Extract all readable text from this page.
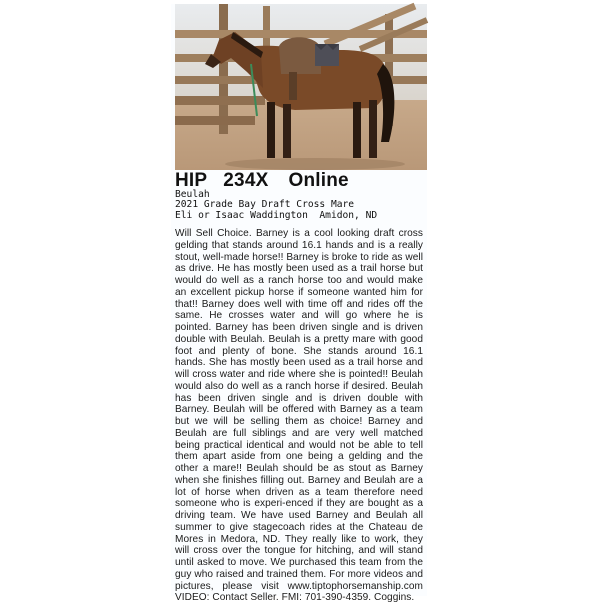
HIP 234X Online
Beulah
2021 Grade Bay Draft Cross Mare
Eli or Isaac Waddington  Amidon, ND
Will Sell Choice. Barney is a cool looking draft cross gelding that stands around 16.1 hands and is a really stout, well-made horse!! Barney is broke to ride as well as drive. He has mostly been used as a trail horse but would do well as a ranch horse too and would make an excellent pickup horse if someone wanted him for that!! Barney does well with time off and rides off the same. He crosses water and will go where he is pointed. Barney has been driven single and is driven double with Beulah. Beulah is a pretty mare with good foot and plenty of bone. She stands around 16.1 hands. She has mostly been used as a trail horse and will cross water and ride where she is pointed!! Beulah would also do well as a ranch horse if desired. Beulah has been driven single and is driven double with Barney. Beulah will be offered with Barney as a team but we will be selling them as choice! Barney and Beulah are full siblings and are very well matched being practical identical and would not be able to tell them apart aside from one being a gelding and the other a mare!! Beulah should be as stout as Barney when she finishes filling out. Barney and Beulah are a lot of horse when driven as a team therefore need someone who is experi-enced if they are bought as a driving team. We have used Barney and Beulah all summer to give stagecoach rides at the Chateau de Mores in Medora, ND. They really like to work, they will cross over the tongue for hitching, and will stand until asked to move. We purchased this team from the guy who raised and trained them. For more videos and pictures, please visit www.tiptophorsemanship.com VIDEO: Contact Seller. FMI: 701-390-4359. Coggins.
